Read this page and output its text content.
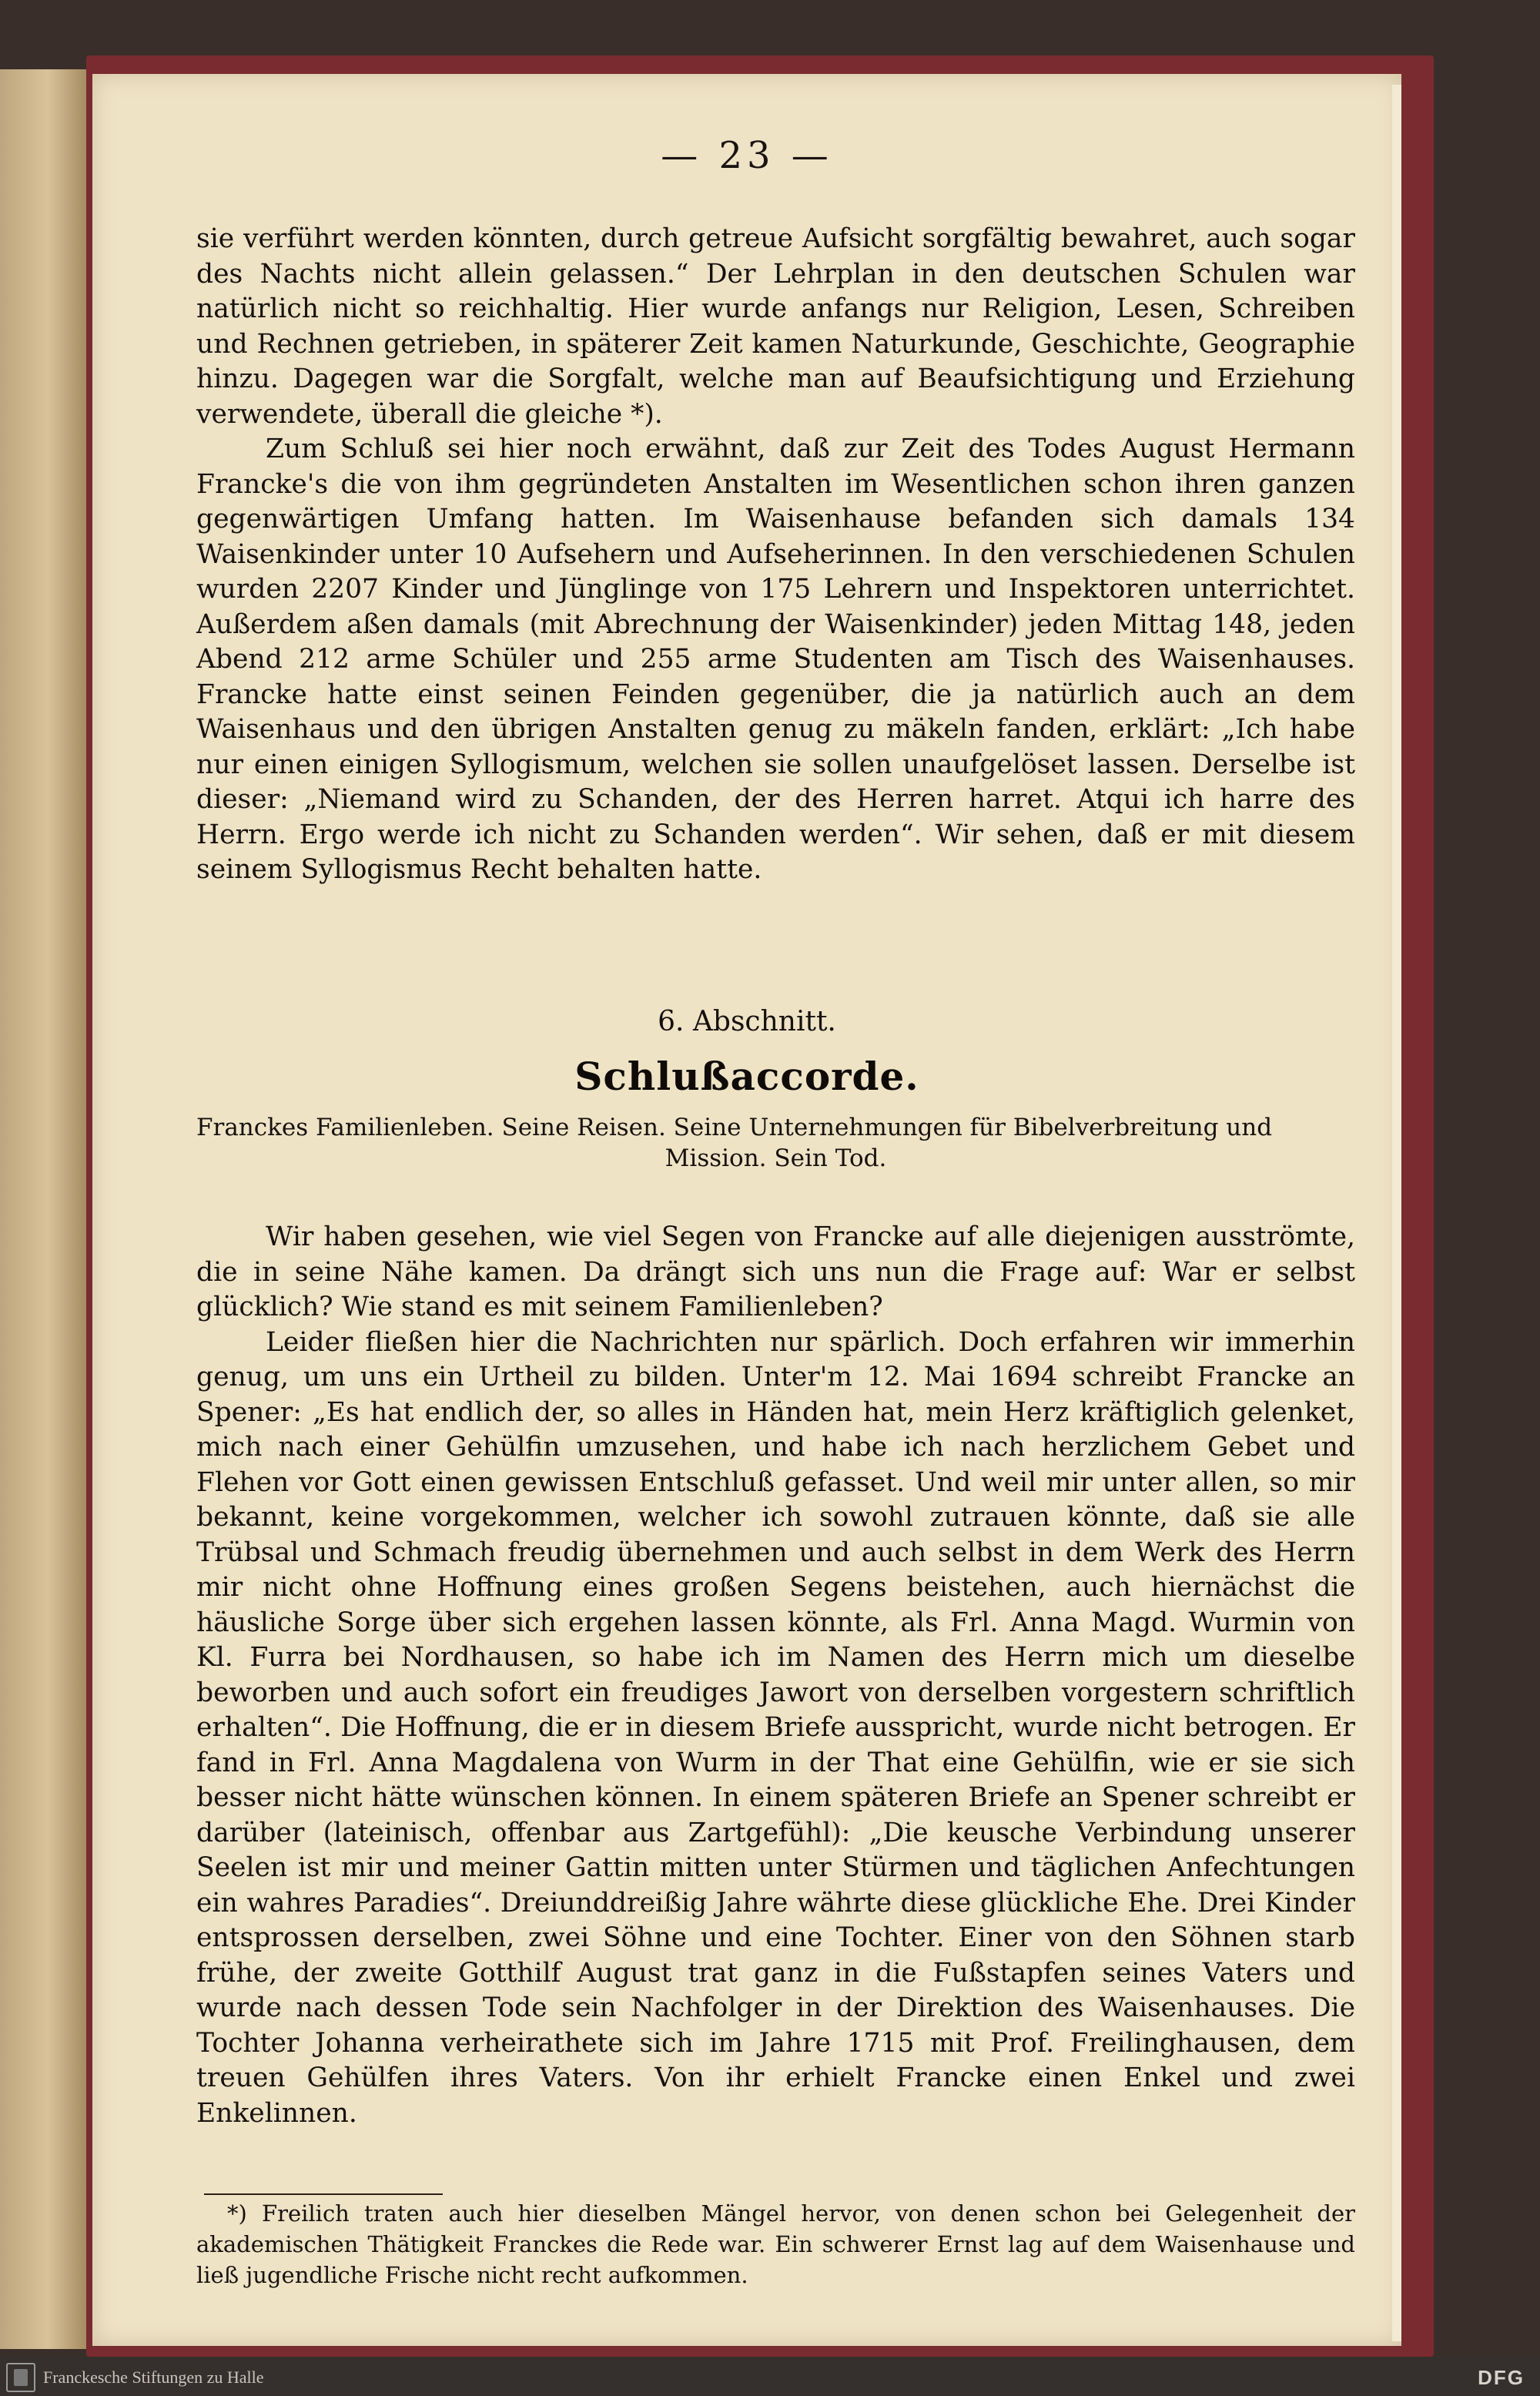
— 23 —

sie verführt werden könnten, durch getreue Aufsicht sorgfältig bewahret, auch sogar des Nachts nicht allein gelassen.“ Der Lehrplan in den deutschen Schulen war natürlich nicht so reichhaltig. Hier wurde anfangs nur Religion, Lesen, Schreiben und Rechnen getrieben, in späterer Zeit kamen Naturkunde, Geschichte, Geographie hinzu. Dagegen war die Sorgfalt, welche man auf Beaufsichtigung und Erziehung verwendete, überall die gleiche *).

Zum Schluß sei hier noch erwähnt, daß zur Zeit des Todes August Hermann Francke's die von ihm gegründeten Anstalten im Wesentlichen schon ihren ganzen gegenwärtigen Umfang hatten. Im Waisenhause befanden sich damals 134 Waisenkinder unter 10 Aufsehern und Aufseherinnen. In den verschiedenen Schulen wurden 2207 Kinder und Jünglinge von 175 Lehrern und Inspektoren unterrichtet. Außerdem aßen damals (mit Abrechnung der Waisenkinder) jeden Mittag 148, jeden Abend 212 arme Schüler und 255 arme Studenten am Tisch des Waisenhauses. Francke hatte einst seinen Feinden gegenüber, die ja natürlich auch an dem Waisenhaus und den übrigen Anstalten genug zu mäkeln fanden, erklärt: „Ich habe nur einen einigen Syllogismum, welchen sie sollen unaufgelöset lassen. Derselbe ist dieser: „Niemand wird zu Schanden, der des Herren harret. Atqui ich harre des Herrn. Ergo werde ich nicht zu Schanden werden“. Wir sehen, daß er mit diesem seinem Syllogismus Recht behalten hatte.

6. Abschnitt.
Schlußaccorde.
Franckes Familienleben. Seine Reisen. Seine Unternehmungen für Bibelverbreitung und
Mission. Sein Tod.

Wir haben gesehen, wie viel Segen von Francke auf alle diejenigen ausströmte, die in seine Nähe kamen. Da drängt sich uns nun die Frage auf: War er selbst glücklich? Wie stand es mit seinem Familienleben?

Leider fließen hier die Nachrichten nur spärlich. Doch erfahren wir immerhin genug, um uns ein Urtheil zu bilden. Unter'm 12. Mai 1694 schreibt Francke an Spener: „Es hat endlich der, so alles in Händen hat, mein Herz kräftiglich gelenket, mich nach einer Gehülfin umzusehen, und habe ich nach herzlichem Gebet und Flehen vor Gott einen gewissen Entschluß gefasset. Und weil mir unter allen, so mir bekannt, keine vorgekommen, welcher ich sowohl zutrauen könnte, daß sie alle Trübsal und Schmach freudig übernehmen und auch selbst in dem Werk des Herrn mir nicht ohne Hoffnung eines großen Segens beistehen, auch hiernächst die häusliche Sorge über sich ergehen lassen könnte, als Frl. Anna Magd. Wurmin von Kl. Furra bei Nordhausen, so habe ich im Namen des Herrn mich um dieselbe beworben und auch sofort ein freudiges Jawort von derselben vorgestern schriftlich erhalten“. Die Hoffnung, die er in diesem Briefe ausspricht, wurde nicht betrogen. Er fand in Frl. Anna Magdalena von Wurm in der That eine Gehülfin, wie er sie sich besser nicht hätte wünschen können. In einem späteren Briefe an Spener schreibt er darüber (lateinisch, offenbar aus Zartgefühl): „Die keusche Verbindung unserer Seelen ist mir und meiner Gattin mitten unter Stürmen und täglichen Anfechtungen ein wahres Paradies“. Dreiunddreißig Jahre währte diese glückliche Ehe. Drei Kinder entsprossen derselben, zwei Söhne und eine Tochter. Einer von den Söhnen starb frühe, der zweite Gotthilf August trat ganz in die Fußstapfen seines Vaters und wurde nach dessen Tode sein Nachfolger in der Direktion des Waisenhauses. Die Tochter Johanna verheirathete sich im Jahre 1715 mit Prof. Freilinghausen, dem treuen Gehülfen ihres Vaters. Von ihr erhielt Francke einen Enkel und zwei Enkelinnen.

*) Freilich traten auch hier dieselben Mängel hervor, von denen schon bei Gelegenheit der akademischen Thätigkeit Franckes die Rede war. Ein schwerer Ernst lag auf dem Waisenhause und ließ jugendliche Frische nicht recht aufkommen.
Franckesche Stiftungen zu Halle	DFG
